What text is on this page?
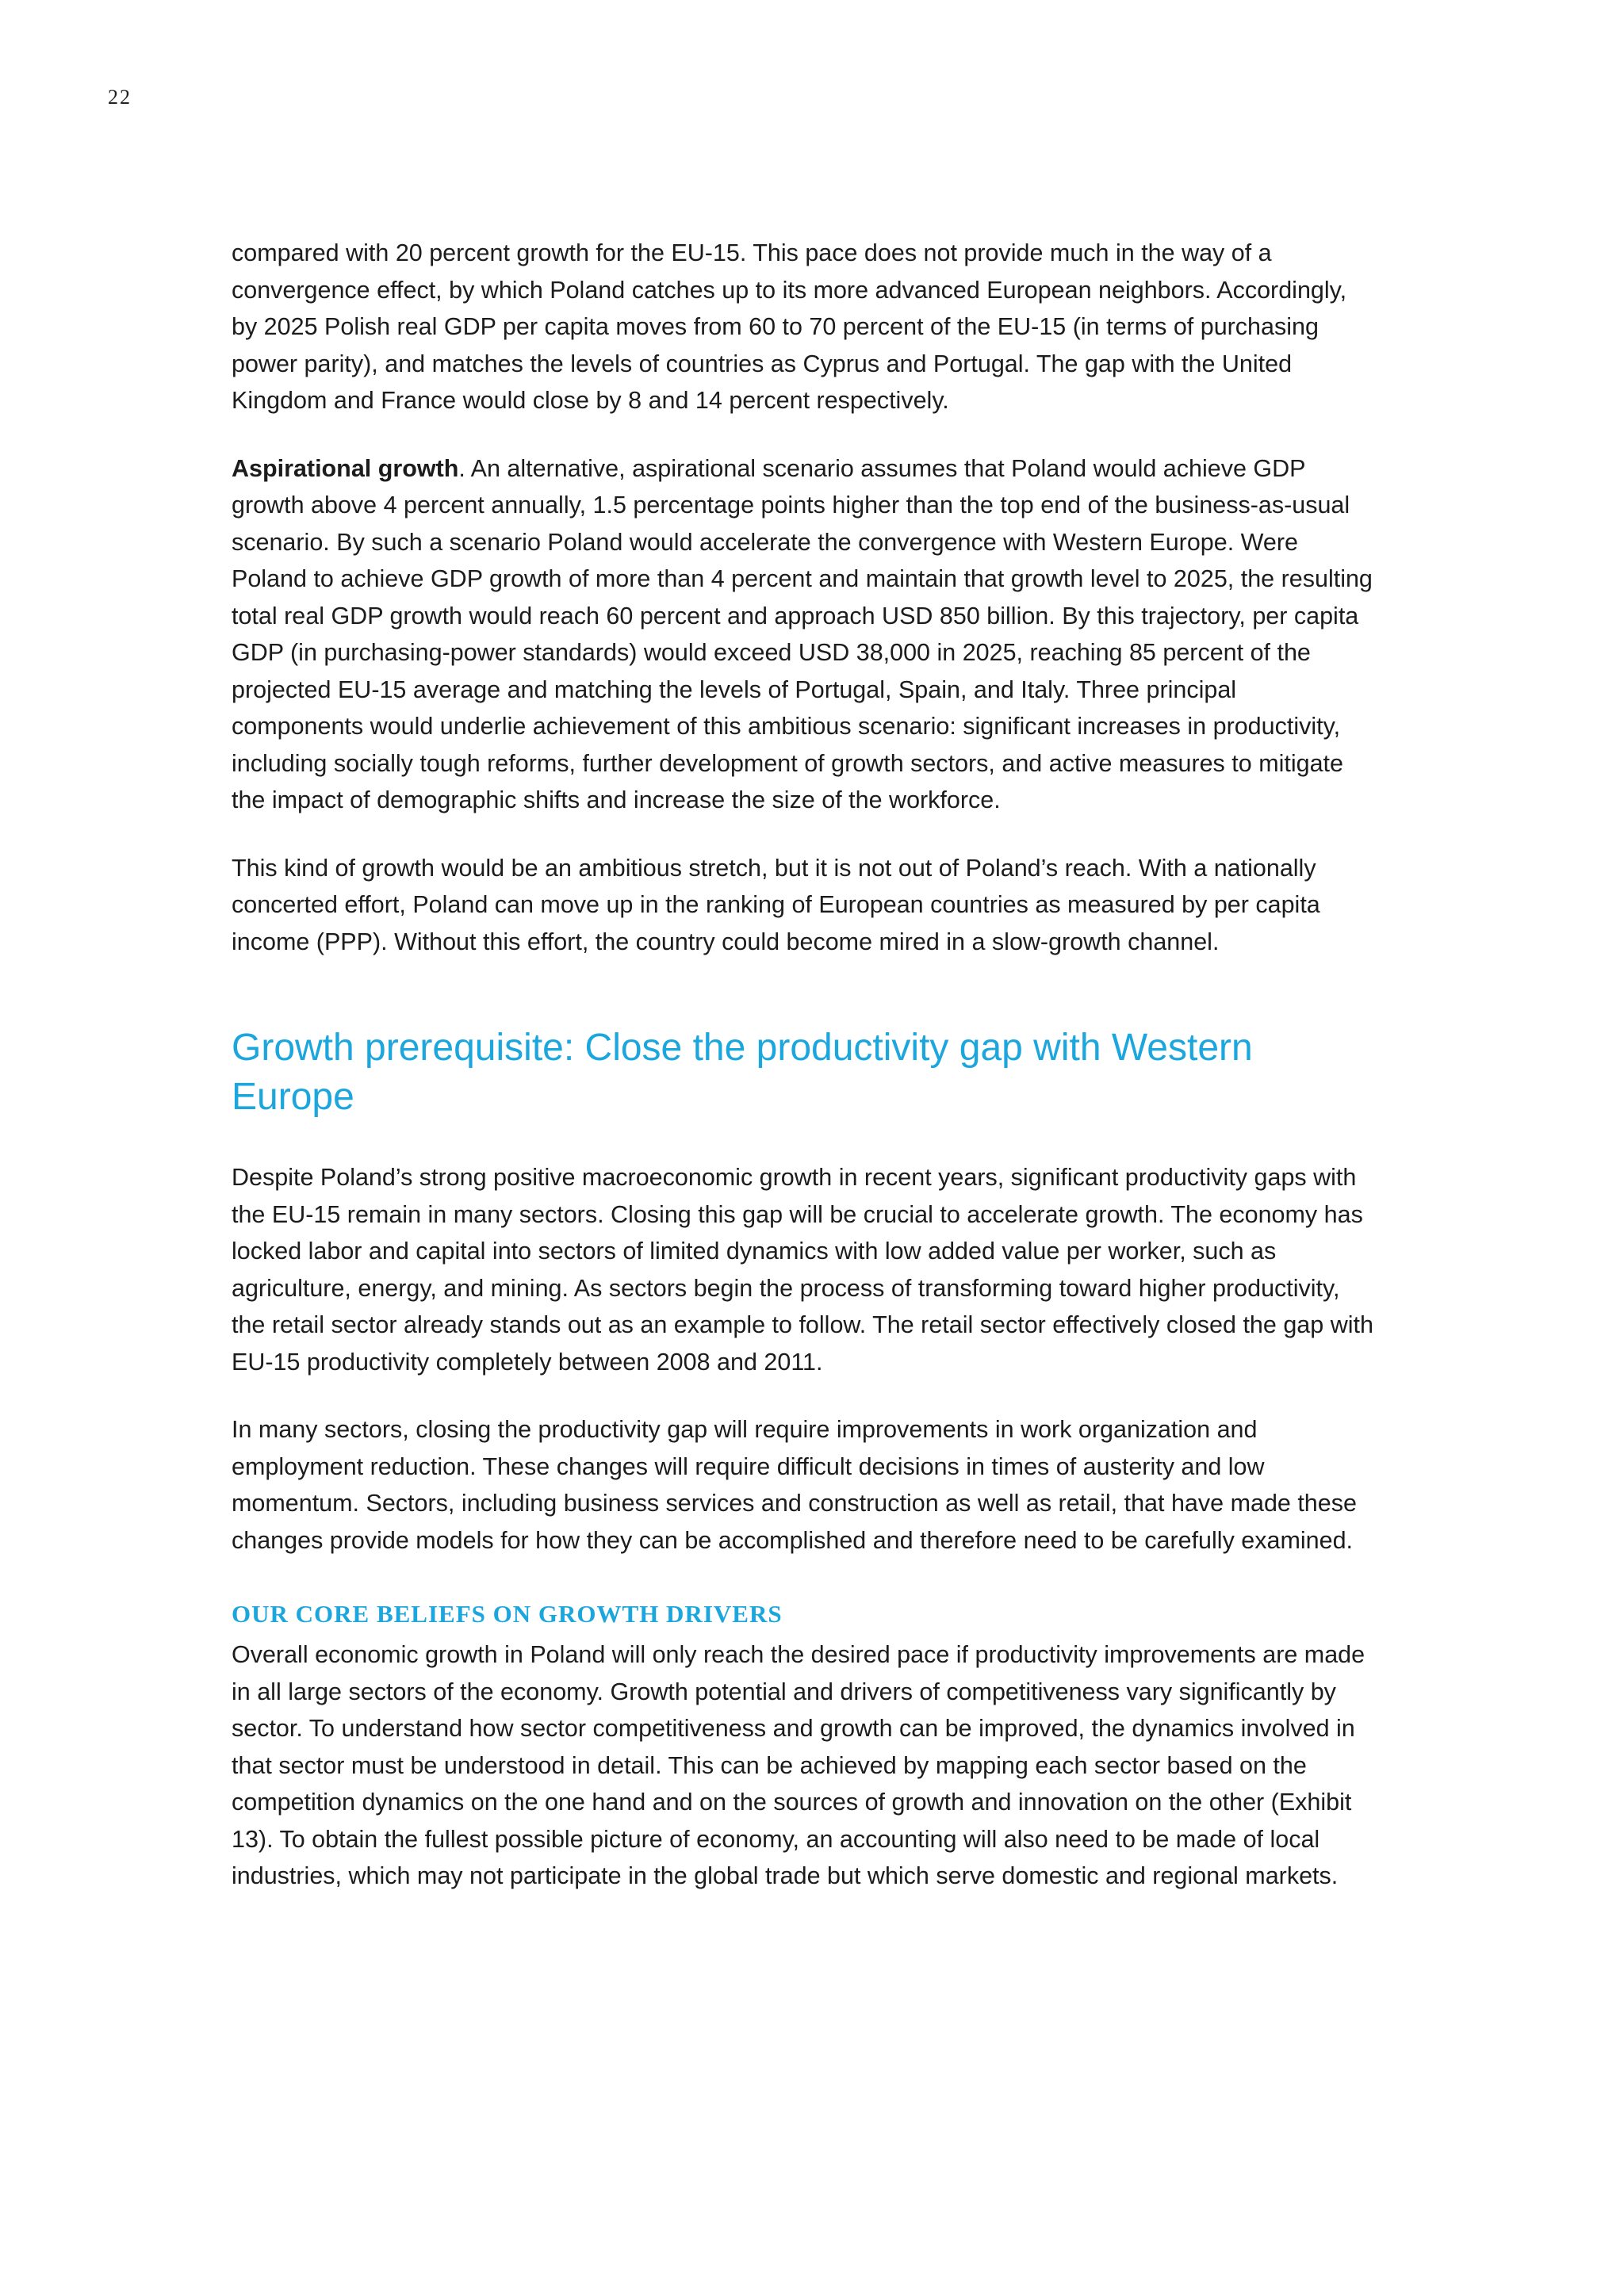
22

compared with 20 percent growth for the EU-15. This pace does not provide much in the way of a convergence effect, by which Poland catches up to its more advanced European neighbors. Accordingly, by 2025 Polish real GDP per capita moves from 60 to 70 percent of the EU-15 (in terms of purchasing power parity), and matches the levels of countries as Cyprus and Portugal. The gap with the United Kingdom and France would close by 8 and 14 percent respectively.

Aspirational growth. An alternative, aspirational scenario assumes that Poland would achieve GDP growth above 4 percent annually, 1.5 percentage points higher than the top end of the business-as-usual scenario. By such a scenario Poland would accelerate the convergence with Western Europe. Were Poland to achieve GDP growth of more than 4 percent and maintain that growth level to 2025, the resulting total real GDP growth would reach 60 percent and approach USD 850 billion. By this trajectory, per capita GDP (in purchasing-power standards) would exceed USD 38,000 in 2025, reaching 85 percent of the projected EU-15 average and matching the levels of Portugal, Spain, and Italy. Three principal components would underlie achievement of this ambitious scenario: significant increases in productivity, including socially tough reforms, further development of growth sectors, and active measures to mitigate the impact of demographic shifts and increase the size of the workforce.

This kind of growth would be an ambitious stretch, but it is not out of Poland’s reach. With a nationally concerted effort, Poland can move up in the ranking of European countries as measured by per capita income (PPP). Without this effort, the country could become mired in a slow-growth channel.

Growth prerequisite: Close the productivity gap with Western Europe

Despite Poland’s strong positive macroeconomic growth in recent years, significant productivity gaps with the EU-15 remain in many sectors. Closing this gap will be crucial to accelerate growth. The economy has locked labor and capital into sectors of limited dynamics with low added value per worker, such as agriculture, energy, and mining. As sectors begin the process of transforming toward higher productivity, the retail sector already stands out as an example to follow. The retail sector effectively closed the gap with EU-15 productivity completely between 2008 and 2011.

In many sectors, closing the productivity gap will require improvements in work organization and employment reduction. These changes will require difficult decisions in times of austerity and low momentum. Sectors, including business services and construction as well as retail, that have made these changes provide models for how they can be accomplished and therefore need to be carefully examined.

OUR CORE BELIEFS ON GROWTH DRIVERS

Overall economic growth in Poland will only reach the desired pace if productivity improvements are made in all large sectors of the economy. Growth potential and drivers of competitiveness vary significantly by sector. To understand how sector competitiveness and growth can be improved, the dynamics involved in that sector must be understood in detail. This can be achieved by mapping each sector based on the competition dynamics on the one hand and on the sources of growth and innovation on the other (Exhibit 13). To obtain the fullest possible picture of economy, an accounting will also need to be made of local industries, which may not participate in the global trade but which serve domestic and regional markets.
